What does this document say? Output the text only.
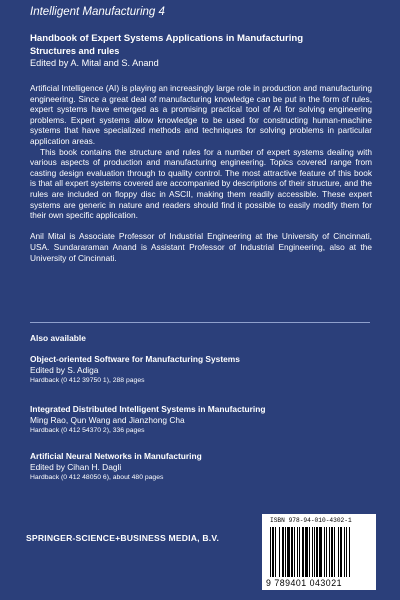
Intelligent Manufacturing 4
Handbook of Expert Systems Applications in Manufacturing
Structures and rules
Edited by A. Mital and S. Anand

Artificial Intelligence (AI) is playing an increasingly large role in production and manufacturing engineering. Since a great deal of manufacturing knowledge can be put in the form of rules, expert systems have emerged as a promising practical tool of AI for solving engineering problems. Expert systems allow knowledge to be used for constructing human-machine systems that have specialized methods and techniques for solving problems in particular application areas.

This book contains the structure and rules for a number of expert systems dealing with various aspects of production and manufacturing engineering. Topics covered range from casting design evaluation through to quality control. The most attractive feature of this book is that all expert systems covered are accompanied by descriptions of their structure, and the rules are included on floppy disc in ASCII, making them readily accessible. These expert systems are generic in nature and readers should find it possible to easily modify them for their own specific application.

Anil Mital is Associate Professor of Industrial Engineering at the University of Cincinnati, USA. Sundararaman Anand is Assistant Professor of Industrial Engineering, also at the University of Cincinnati.

Also available
Object-oriented Software for Manufacturing Systems
Edited by S. Adiga
Hardback (0 412 39750 1), 288 pages
Integrated Distributed Intelligent Systems in Manufacturing
Ming Rao, Qun Wang and Jianzhong Cha
Hardback (0 412 54370 2), 336 pages
Artificial Neural Networks in Manufacturing
Edited by Cihan H. Dagli
Hardback (0 412 48050 6), about 480 pages
SPRINGER-SCIENCE+BUSINESS MEDIA, B.V.
ISBN 978-94-010-4302-1
9 789401 043021
